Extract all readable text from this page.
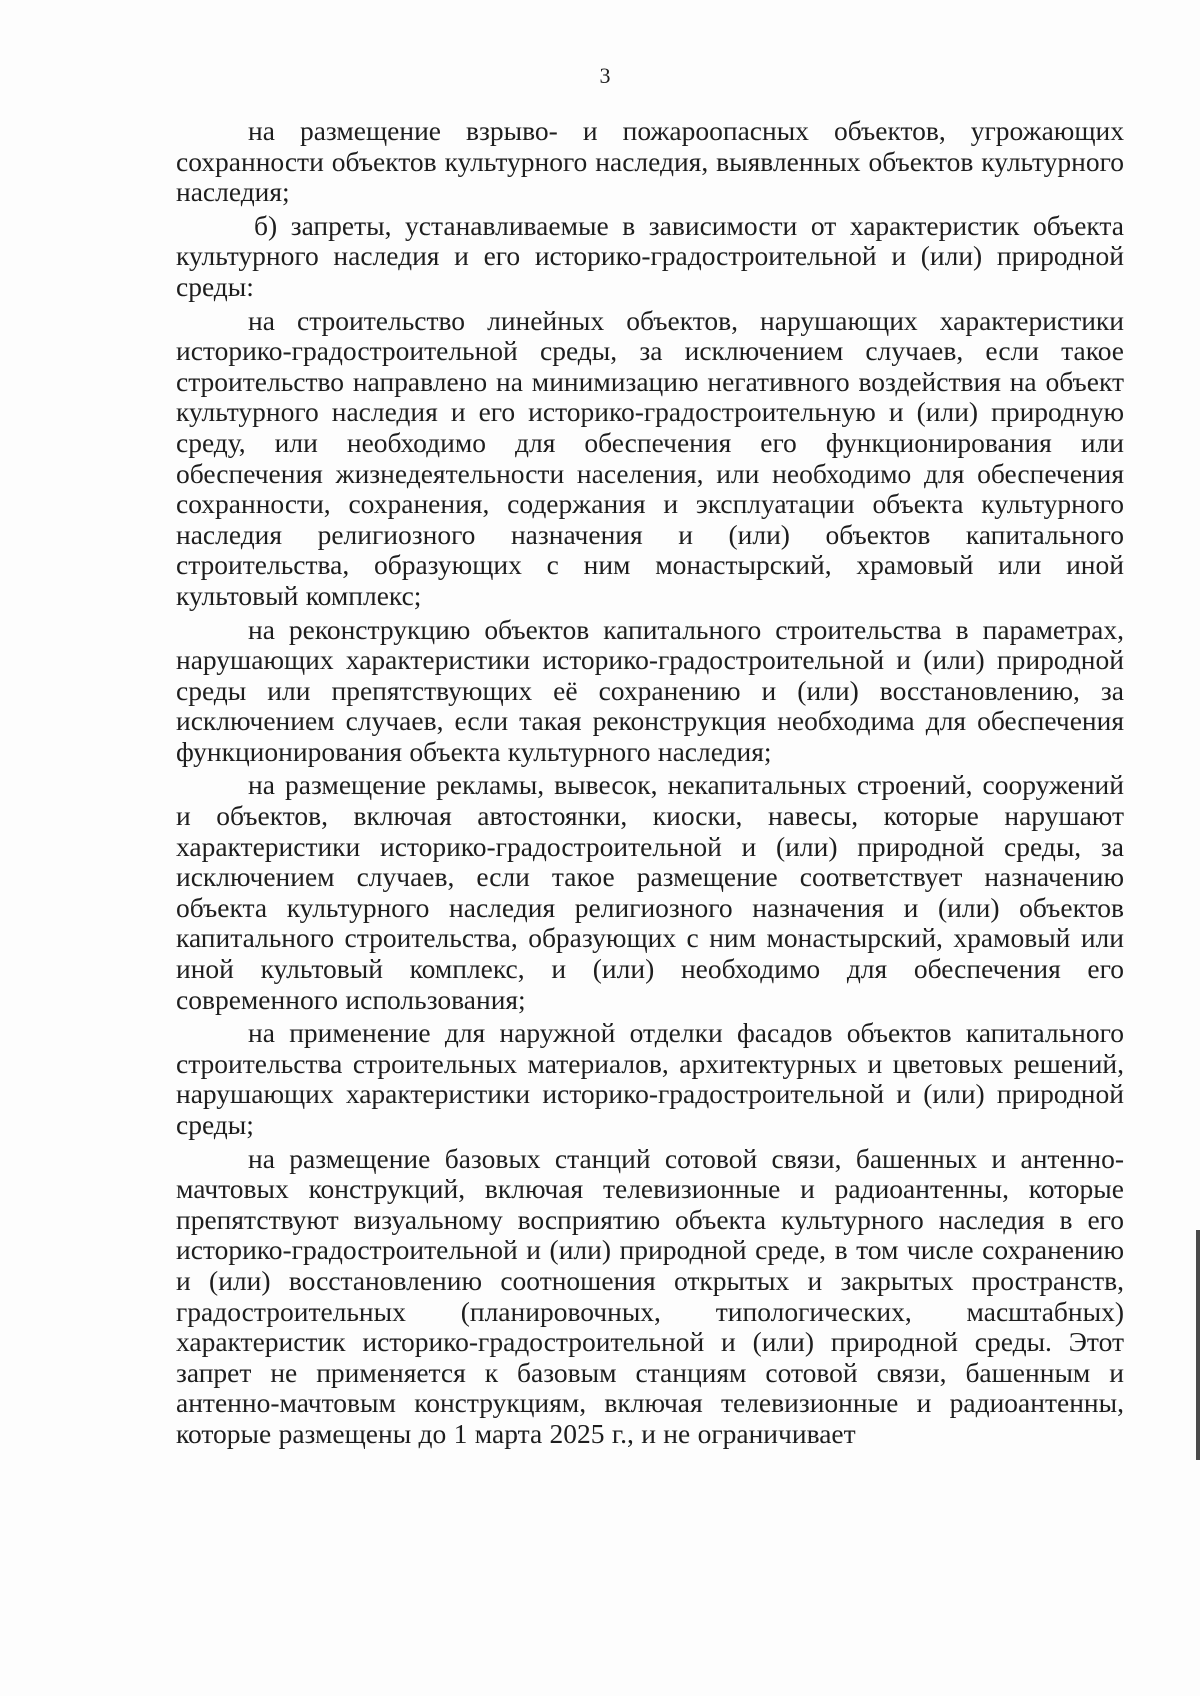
3

на размещение взрыво- и пожароопасных объектов, угрожающих сохранности объектов культурного наследия, выявленных объектов культурного наследия;

б) запреты, устанавливаемые в зависимости от характеристик объекта культурного наследия и его историко-градостроительной и (или) природной среды:

на строительство линейных объектов, нарушающих характеристики историко-градостроительной среды, за исключением случаев, если такое строительство направлено на минимизацию негативного воздействия на объект культурного наследия и его историко-градостроительную и (или) природную среду, или необходимо для обеспечения его функционирования или обеспечения жизнедеятельности населения, или необходимо для обеспечения сохранности, сохранения, содержания и эксплуатации объекта культурного наследия религиозного назначения и (или) объектов капитального строительства, образующих с ним монастырский, храмовый или иной культовый комплекс;

на реконструкцию объектов капитального строительства в параметрах, нарушающих характеристики историко-градостроительной и (или) природной среды или препятствующих её сохранению и (или) восстановлению, за исключением случаев, если такая реконструкция необходима для обеспечения функционирования объекта культурного наследия;

на размещение рекламы, вывесок, некапитальных строений, сооружений и объектов, включая автостоянки, киоски, навесы, которые нарушают характеристики историко-градостроительной и (или) природной среды, за исключением случаев, если такое размещение соответствует назначению объекта культурного наследия религиозного назначения и (или) объектов капитального строительства, образующих с ним монастырский, храмовый или иной культовый комплекс, и (или) необходимо для обеспечения его современного использования;

на применение для наружной отделки фасадов объектов капитального строительства строительных материалов, архитектурных и цветовых решений, нарушающих характеристики историко-градостроительной и (или) природной среды;

на размещение базовых станций сотовой связи, башенных и антенно-мачтовых конструкций, включая телевизионные и радиоантенны, которые препятствуют визуальному восприятию объекта культурного наследия в его историко-градостроительной и (или) природной среде, в том числе сохранению и (или) восстановлению соотношения открытых и закрытых пространств, градостроительных (планировочных, типологических, масштабных) характеристик историко-градостроительной и (или) природной среды. Этот запрет не применяется к базовым станциям сотовой связи, башенным и антенно-мачтовым конструкциям, включая телевизионные и радиоантенны, которые размещены до 1 марта 2025 г., и не ограничивает
